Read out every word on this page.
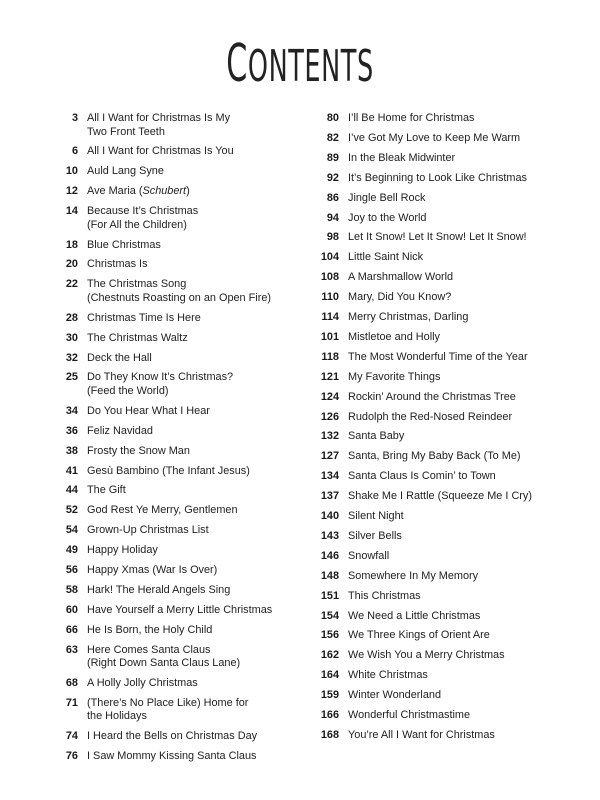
CONTENTS
3 All I Want for Christmas Is My
Two Front Teeth
6 All I Want for Christmas Is You
10 Auld Lang Syne
12 Ave Maria (Schubert)
14 Because It’s Christmas
(For All the Children)
18 Blue Christmas
20 Christmas Is
22 The Christmas Song
(Chestnuts Roasting on an Open Fire)
28 Christmas Time Is Here
30 The Christmas Waltz
32 Deck the Hall
25 Do They Know It’s Christmas?
(Feed the World)
34 Do You Hear What I Hear
36 Feliz Navidad
38 Frosty the Snow Man
41 Gesù Bambino (The Infant Jesus)
44 The Gift
52 God Rest Ye Merry, Gentlemen
54 Grown-Up Christmas List
49 Happy Holiday
56 Happy Xmas (War Is Over)
58 Hark! The Herald Angels Sing
60 Have Yourself a Merry Little Christmas
66 He Is Born, the Holy Child
63 Here Comes Santa Claus
(Right Down Santa Claus Lane)
68 A Holly Jolly Christmas
71 (There’s No Place Like) Home for
the Holidays
74 I Heard the Bells on Christmas Day
76 I Saw Mommy Kissing Santa Claus
80 I’ll Be Home for Christmas
82 I’ve Got My Love to Keep Me Warm
89 In the Bleak Midwinter
92 It’s Beginning to Look Like Christmas
86 Jingle Bell Rock
94 Joy to the World
98 Let It Snow! Let It Snow! Let It Snow!
104 Little Saint Nick
108 A Marshmallow World
110 Mary, Did You Know?
114 Merry Christmas, Darling
101 Mistletoe and Holly
118 The Most Wonderful Time of the Year
121 My Favorite Things
124 Rockin’ Around the Christmas Tree
126 Rudolph the Red-Nosed Reindeer
132 Santa Baby
127 Santa, Bring My Baby Back (To Me)
134 Santa Claus Is Comin’ to Town
137 Shake Me I Rattle (Squeeze Me I Cry)
140 Silent Night
143 Silver Bells
146 Snowfall
148 Somewhere In My Memory
151 This Christmas
154 We Need a Little Christmas
156 We Three Kings of Orient Are
162 We Wish You a Merry Christmas
164 White Christmas
159 Winter Wonderland
166 Wonderful Christmastime
168 You’re All I Want for Christmas
